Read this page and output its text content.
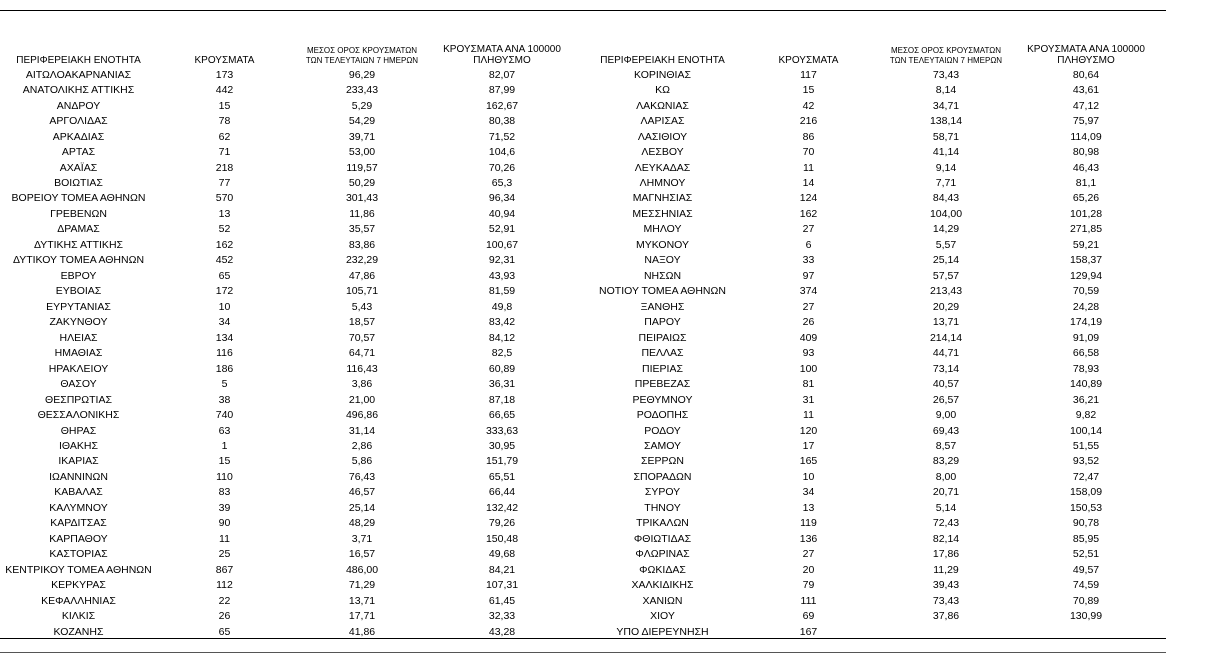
ΠΕΡΙΦΕΡΕΙΑΚΗ ΕΝΟΤΗΤΑ	ΚΡΟΥΣΜΑΤΑ
ΜΕΣΟΣ ΟΡΟΣ ΚΡΟΥΣΜΑΤΩΝ
ΤΩΝ ΤΕΛΕΥΤΑΙΩΝ 7 ΗΜΕΡΩΝ
ΚΡΟΥΣΜΑΤΑ ΑΝΑ 100000
ΠΛΗΘΥΣΜΟ
ΑΙΤΩΛΟΑΚΑΡΝΑΝΙΑΣ	173	96,29	82,07
ΑΝΑΤΟΛΙΚΗΣ ΑΤΤΙΚΗΣ	442	233,43	87,99
ΑΝΔΡΟΥ	15	5,29	162,67
ΑΡΓΟΛΙΔΑΣ	78	54,29	80,38
ΑΡΚΑΔΙΑΣ	62	39,71	71,52
ΑΡΤΑΣ	71	53,00	104,6
ΑΧΑΪΑΣ	218	119,57	70,26
ΒΟΙΩΤΙΑΣ	77	50,29	65,3
ΒΟΡΕΙΟΥ ΤΟΜΕΑ ΑΘΗΝΩΝ	570	301,43	96,34
ΓΡΕΒΕΝΩΝ	13	11,86	40,94
ΔΡΑΜΑΣ	52	35,57	52,91
ΔΥΤΙΚΗΣ ΑΤΤΙΚΗΣ	162	83,86	100,67
ΔΥΤΙΚΟΥ ΤΟΜΕΑ ΑΘΗΝΩΝ	452	232,29	92,31
ΕΒΡΟΥ	65	47,86	43,93
ΕΥΒΟΙΑΣ	172	105,71	81,59
ΕΥΡΥΤΑΝΙΑΣ	10	5,43	49,8
ΖΑΚΥΝΘΟΥ	34	18,57	83,42
ΗΛΕΙΑΣ	134	70,57	84,12
ΗΜΑΘΙΑΣ	116	64,71	82,5
ΗΡΑΚΛΕΙΟΥ	186	116,43	60,89
ΘΑΣΟΥ	5	3,86	36,31
ΘΕΣΠΡΩΤΙΑΣ	38	21,00	87,18
ΘΕΣΣΑΛΟΝΙΚΗΣ	740	496,86	66,65
ΘΗΡΑΣ	63	31,14	333,63
ΙΘΑΚΗΣ	1	2,86	30,95
ΙΚΑΡΙΑΣ	15	5,86	151,79
ΙΩΑΝΝΙΝΩΝ	110	76,43	65,51
ΚΑΒΑΛΑΣ	83	46,57	66,44
ΚΑΛΥΜΝΟΥ	39	25,14	132,42
ΚΑΡΔΙΤΣΑΣ	90	48,29	79,26
ΚΑΡΠΑΘΟΥ	11	3,71	150,48
ΚΑΣΤΟΡΙΑΣ	25	16,57	49,68
ΚΕΝΤΡΙΚΟΥ ΤΟΜΕΑ ΑΘΗΝΩΝ	867	486,00	84,21
ΚΕΡΚΥΡΑΣ	112	71,29	107,31
ΚΕΦΑΛΛΗΝΙΑΣ	22	13,71	61,45
ΚΙΛΚΙΣ	26	17,71	32,33
ΚΟΖΑΝΗΣ	65	41,86	43,28
ΠΕΡΙΦΕΡΕΙΑΚΗ ΕΝΟΤΗΤΑ	ΚΡΟΥΣΜΑΤΑ
ΜΕΣΟΣ ΟΡΟΣ ΚΡΟΥΣΜΑΤΩΝ
ΤΩΝ ΤΕΛΕΥΤΑΙΩΝ 7 ΗΜΕΡΩΝ
ΚΡΟΥΣΜΑΤΑ ΑΝΑ 100000
ΠΛΗΘΥΣΜΟ
ΚΟΡΙΝΘΙΑΣ	117	73,43	80,64
ΚΩ	15	8,14	43,61
ΛΑΚΩΝΙΑΣ	42	34,71	47,12
ΛΑΡΙΣΑΣ	216	138,14	75,97
ΛΑΣΙΘΙΟΥ	86	58,71	114,09
ΛΕΣΒΟΥ	70	41,14	80,98
ΛΕΥΚΑΔΑΣ	11	9,14	46,43
ΛΗΜΝΟΥ	14	7,71	81,1
ΜΑΓΝΗΣΙΑΣ	124	84,43	65,26
ΜΕΣΣΗΝΙΑΣ	162	104,00	101,28
ΜΗΛΟΥ	27	14,29	271,85
ΜΥΚΟΝΟΥ	6	5,57	59,21
ΝΑΞΟΥ	33	25,14	158,37
ΝΗΣΩΝ	97	57,57	129,94
ΝΟΤΙΟΥ ΤΟΜΕΑ ΑΘΗΝΩΝ	374	213,43	70,59
ΞΑΝΘΗΣ	27	20,29	24,28
ΠΑΡΟΥ	26	13,71	174,19
ΠΕΙΡΑΙΩΣ	409	214,14	91,09
ΠΕΛΛΑΣ	93	44,71	66,58
ΠΙΕΡΙΑΣ	100	73,14	78,93
ΠΡΕΒΕΖΑΣ	81	40,57	140,89
ΡΕΘΥΜΝΟΥ	31	26,57	36,21
ΡΟΔΟΠΗΣ	11	9,00	9,82
ΡΟΔΟΥ	120	69,43	100,14
ΣΑΜΟΥ	17	8,57	51,55
ΣΕΡΡΩΝ	165	83,29	93,52
ΣΠΟΡΑΔΩΝ	10	8,00	72,47
ΣΥΡΟΥ	34	20,71	158,09
ΤΗΝΟΥ	13	5,14	150,53
ΤΡΙΚΑΛΩΝ	119	72,43	90,78
ΦΘΙΩΤΙΔΑΣ	136	82,14	85,95
ΦΛΩΡΙΝΑΣ	27	17,86	52,51
ΦΩΚΙΔΑΣ	20	11,29	49,57
ΧΑΛΚΙΔΙΚΗΣ	79	39,43	74,59
ΧΑΝΙΩΝ	111	73,43	70,89
ΧΙΟΥ	69	37,86	130,99
ΥΠΟ ΔΙΕΡΕΥΝΗΣΗ	167
